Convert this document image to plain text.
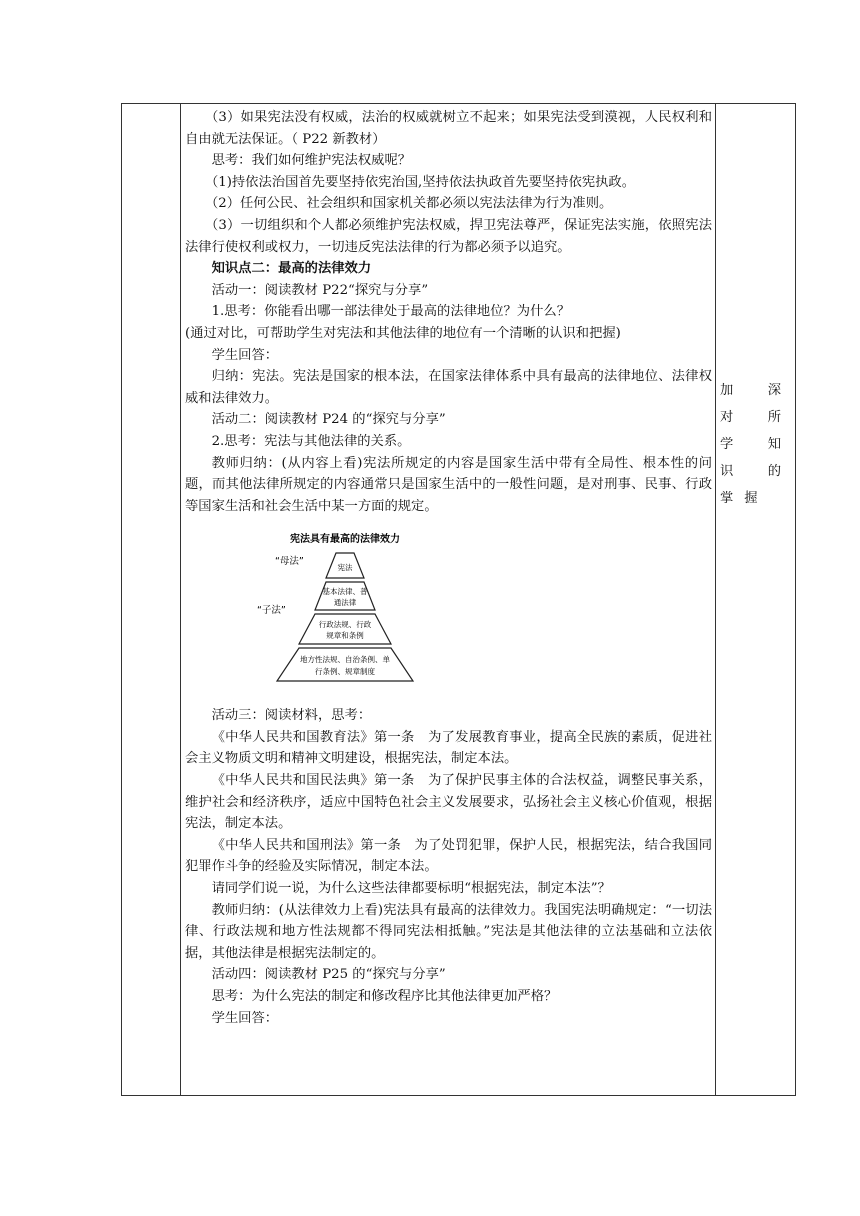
（3）如果宪法没有权威，法治的权威就树立不起来；如果宪法受到漠视，人民权利和自由就无法保证。（ P22 新教材）

思考：我们如何维护宪法权威呢？

（1)持依法治国首先要坚持依宪治国,坚持依法执政首先要坚持依宪执政。

（2）任何公民、社会组织和国家机关都必须以宪法法律为行为准则。

（3）一切组织和个人都必须维护宪法权威，捍卫宪法尊严，保证宪法实施，依照宪法法律行使权利或权力，一切违反宪法法律的行为都必须予以追究。

知识点二：最高的法律效力

活动一：阅读教材 P22“探究与分享”

1.思考：你能看出哪一部法律处于最高的法律地位？为什么？

(通过对比，可帮助学生对宪法和其他法律的地位有一个清晰的认识和把握)

学生回答：

归纳：宪法。宪法是国家的根本法，在国家法律体系中具有最高的法律地位、法律权威和法律效力。

活动二：阅读教材 P24 的“探究与分享”

2.思考：宪法与其他法律的关系。

教师归纳：(从内容上看)宪法所规定的内容是国家生活中带有全局性、根本性的问题，而其他法律所规定的内容通常只是国家生活中的一般性问题，是对刑事、民事、行政等国家生活和社会生活中某一方面的规定。

宪法具有最高的法律效力
“母法”
“子法”
宪法
基本法律、普
通法律
行政法规、行政
规章和条例
地方性法规、自治条例、单
行条例、规章制度

活动三：阅读材料，思考：

《中华人民共和国教育法》第一条　为了发展教育事业，提高全民族的素质，促进社会主义物质文明和精神文明建设，根据宪法，制定本法。

《中华人民共和国民法典》第一条　为了保护民事主体的合法权益，调整民事关系，维护社会和经济秩序，适应中国特色社会主义发展要求，弘扬社会主义核心价值观，根据宪法，制定本法。

《中华人民共和国刑法》第一条　为了处罚犯罪，保护人民，根据宪法，结合我国同犯罪作斗争的经验及实际情况，制定本法。

请同学们说一说，为什么这些法律都要标明“根据宪法，制定本法”？

教师归纳：(从法律效力上看)宪法具有最高的法律效力。我国宪法明确规定：“一切法律、行政法规和地方性法规都不得同宪法相抵触。”宪法是其他法律的立法基础和立法依据，其他法律是根据宪法制定的。

活动四：阅读教材 P25 的“探究与分享”

思考：为什么宪法的制定和修改程序比其他法律更加严格？

学生回答：

加深对所学知识的掌握
